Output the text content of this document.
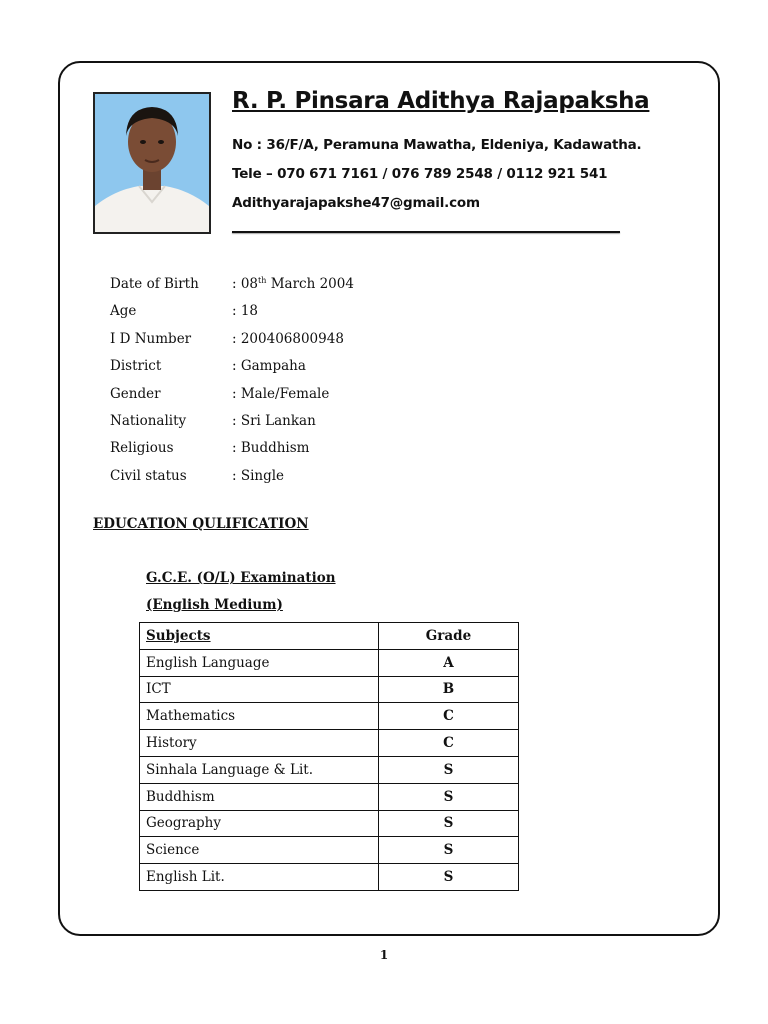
R. P. Pinsara Adithya Rajapaksha
No : 36/F/A, Peramuna Mawatha, Eldeniya, Kadawatha.
Tele – 070 671 7161 / 076 789 2548 / 0112 921 541
Adithyarajapakshe47@gmail.com
Date of Birth	: 08th March 2004
Age	: 18
I D Number	: 200406800948
District	: Gampaha
Gender	: Male/Female
Nationality	: Sri Lankan
Religious	: Buddhism
Civil status	: Single
EDUCATION QULIFICATION
G.C.E. (O/L) Examination
(English Medium)
Subjects	Grade
English Language	A
ICT	B
Mathematics	C
History	C
Sinhala Language & Lit.	S
Buddhism	S
Geography	S
Science	S
English Lit.	S
1
